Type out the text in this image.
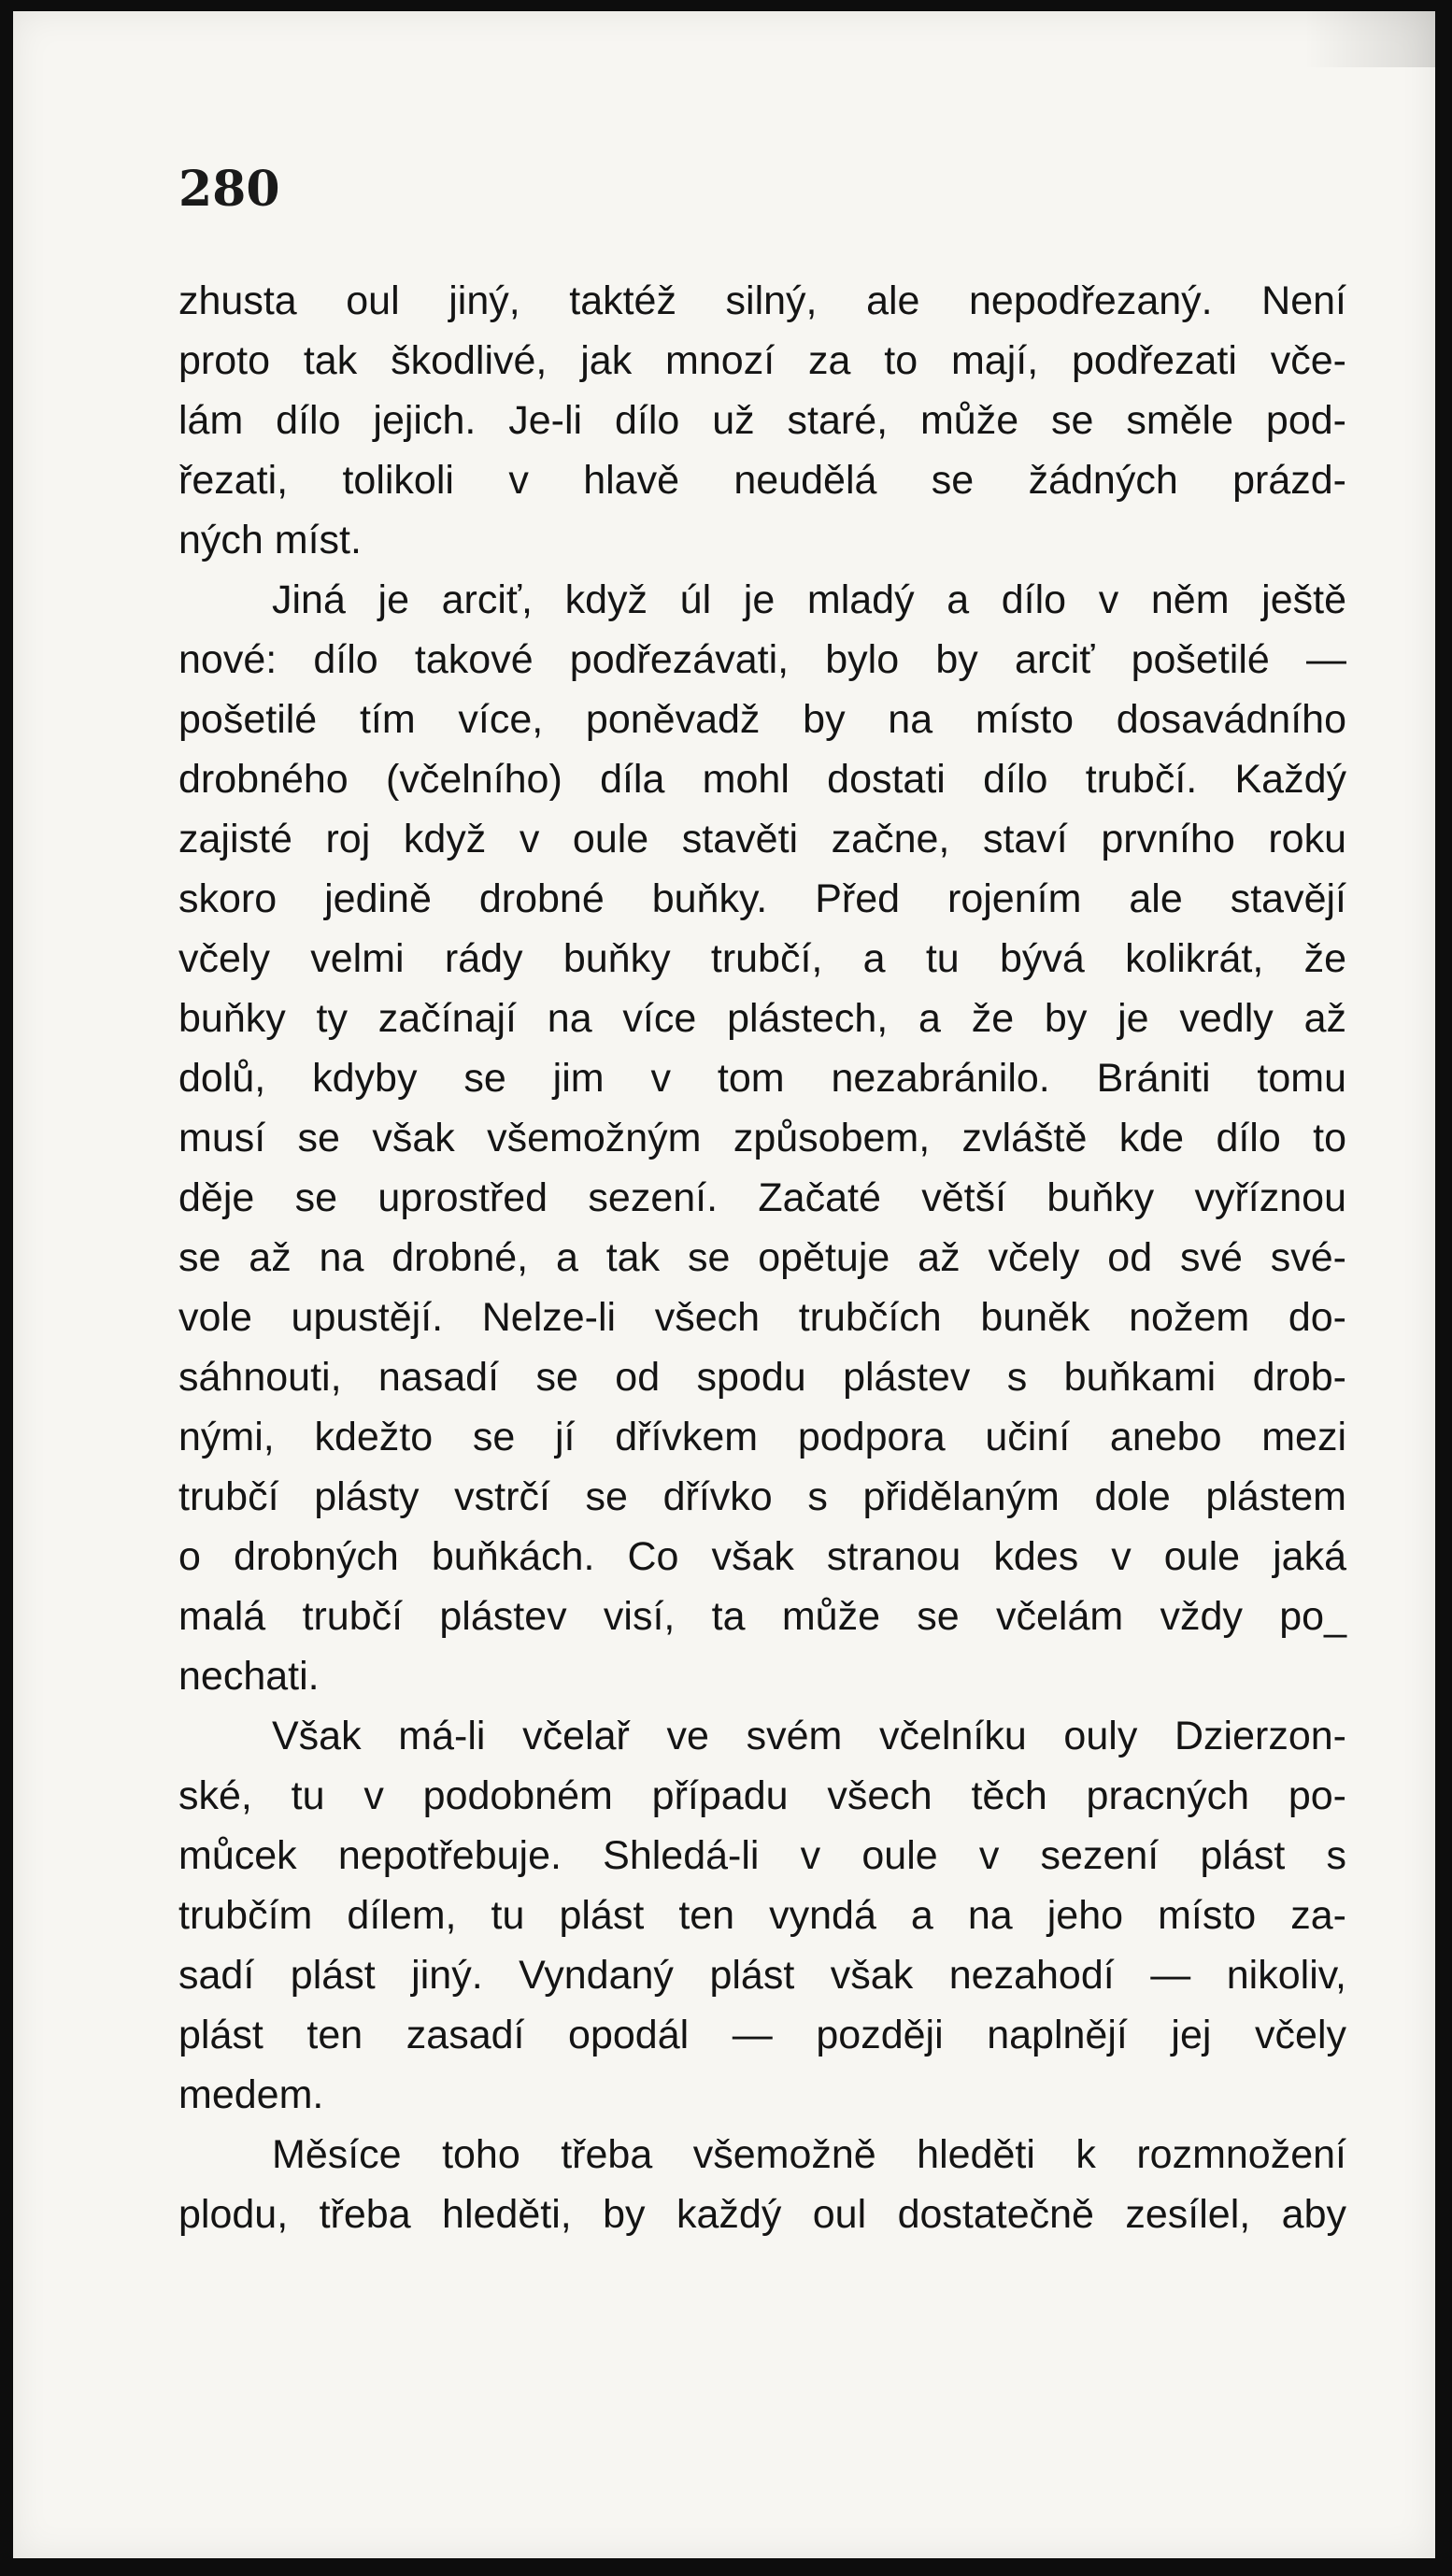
280
zhusta oul jiný, taktéž silný, ale nepodřezaný. Není
proto tak škodlivé, jak mnozí za to mají, podřezati vče-
lám dílo jejich. Je-li dílo už staré, může se směle pod-
řezati, tolikoli v hlavě neudělá se žádných prázd-
ných míst.
Jiná je arciť, když úl je mladý a dílo v něm ještě
nové: dílo takové podřezávati, bylo by arciť pošetilé —
pošetilé tím více, poněvadž by na místo dosavádního
drobného (včelního) díla mohl dostati dílo trubčí. Každý
zajisté roj když v oule stavěti začne, staví prvního roku
skoro jedině drobné buňky. Před rojením ale stavějí
včely velmi rády buňky trubčí, a tu bývá kolikrát, že
buňky ty začínají na více plástech, a že by je vedly až
dolů, kdyby se jim v tom nezabránilo. Brániti tomu
musí se však všemožným způsobem, zvláště kde dílo to
děje se uprostřed sezení. Začaté větší buňky vyříznou
se až na drobné, a tak se opětuje až včely od své své-
vole upustějí. Nelze-li všech trubčích buněk nožem do-
sáhnouti, nasadí se od spodu plástev s buňkami drob-
nými, kdežto se jí dřívkem podpora učiní anebo mezi
trubčí plásty vstrčí se dřívko s přidělaným dole plástem
o drobných buňkách. Co však stranou kdes v oule jaká
malá trubčí plástev visí, ta může se včelám vždy po_
nechati.
Však má-li včelař ve svém včelníku ouly Dzierzon-
ské, tu v podobném případu všech těch pracných po-
můcek nepotřebuje. Shledá-li v oule v sezení plást s
trubčím dílem, tu plást ten vyndá a na jeho místo za-
sadí plást jiný. Vyndaný plást však nezahodí — nikoliv,
plást ten zasadí opodál — později naplnějí jej včely
medem.
Měsíce toho třeba všemožně hleděti k rozmnožení
plodu, třeba hleděti, by každý oul dostatečně zesílel, aby
